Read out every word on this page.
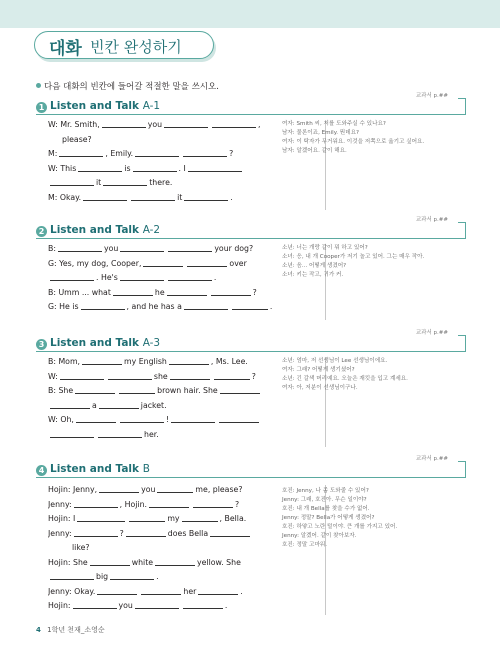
대화 빈칸 완성하기
다음 대화의 빈칸에 들어갈 적절한 말을 쓰시오.
1 Listen and Talk A-1
교과서 p.##
W: Mr. Smith,	you	,
please?
M:	, Emily.	?
W: This	is	. I
it	there.
M: Okay.	it	.
여자: Smith 씨, 저를 도와주실 수 있나요?
남자: 물론이죠, Emily. 뭔데요?
여자: 이 탁자가 무거워요. 이것을 저쪽으로 옮기고 싶어요.
남자: 알겠어요. 같이 해요.
2 Listen and Talk A-2
교과서 p.##
B:	you	your dog?
G: Yes, my dog, Cooper,	over
. He's	.
B: Umm ... what	he	?
G: He is	, and he has a	.
소년: 너는 개랑 같이 뭐 하고 있어?
소녀: 응, 내 개 Cooper가 저기 놀고 있어. 그는 매우 작아.
소년: 음... 어떻게 생겼어?
소녀: 키는 작고, 귀가 커.
3 Listen and Talk A-3
교과서 p.##
B: Mom,	my English	, Ms. Lee.
W:	she	?
B: She	brown hair. She
a	jacket.
W: Oh,	!
her.
소년: 엄마, 저 선생님이 Lee 선생님이에요.
여자: 그래? 어떻게 생기셨어?
소년: 긴 갈색 머리예요. 오늘은 재킷을 입고 계세요.
여자: 아, 저분이 선생님이구나.
4 Listen and Talk B
교과서 p.##
Hojin: Jenny,	you	me, please?
Jenny:	, Hojin.	?
Hojin: I	my	, Bella.
Jenny:	?	does Bella
like?
Hojin: She	white	yellow. She
big	.
Jenny: Okay.	her	.
Hojin:	you	.
호진: Jenny, 나 좀 도와줄 수 있어?
Jenny: 그래, 호진아. 무슨 일이야?
호진: 내 개 Bella를 찾을 수가 없어.
Jenny: 정말? Bella가 어떻게 생겼어?
호진: 하얗고 노란 털이야. 큰 개를 가지고 있어.
Jenny: 알겠어. 같이 찾아보자.
호진: 정말 고마워.
4 1학년 천재_소영순
